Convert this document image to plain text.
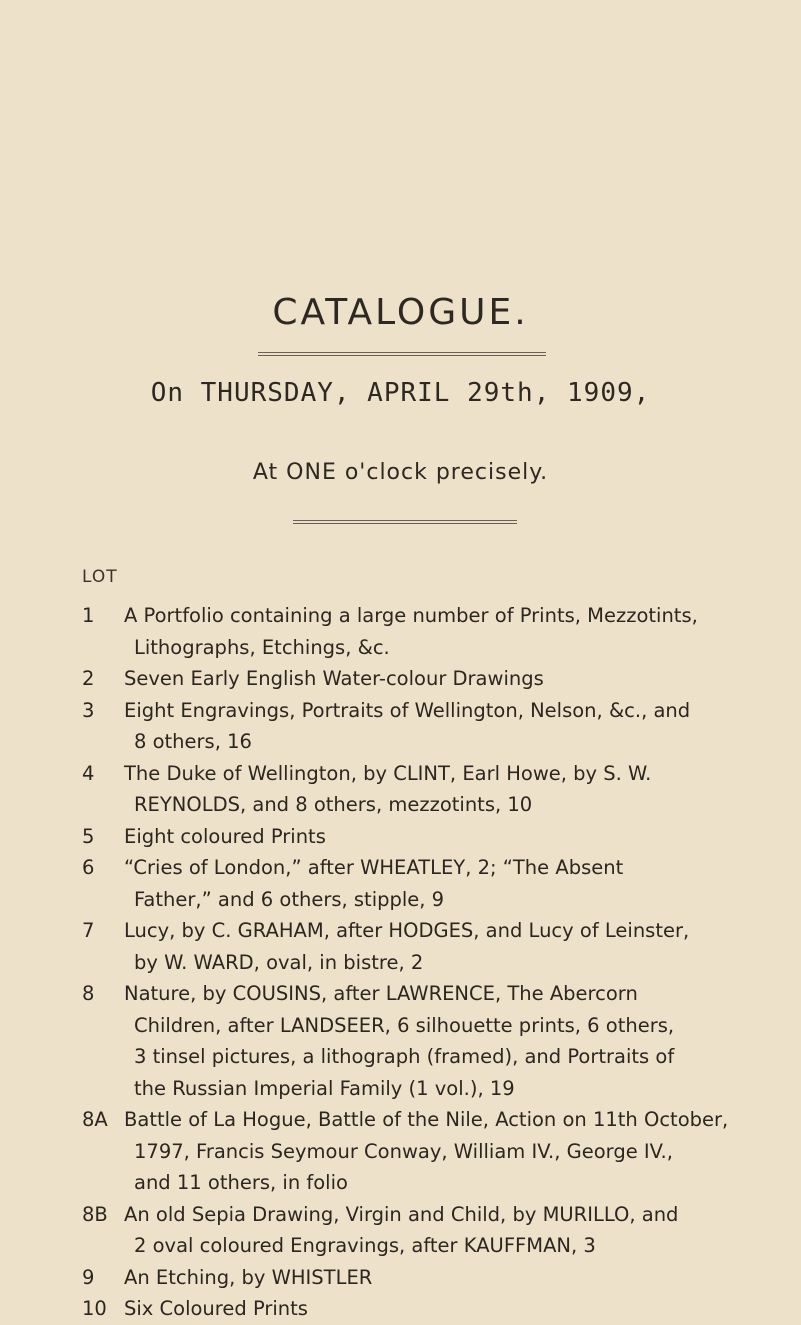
CATALOGUE.
On THURSDAY, APRIL 29th, 1909,
At ONE o'clock precisely.
LOT
1	A Portfolio containing a large number of Prints, Mezzotints,
Lithographs, Etchings, &c.
2	Seven Early English Water-colour Drawings
3	Eight Engravings, Portraits of Wellington, Nelson, &c., and
8 others, 16
4	The Duke of Wellington, by CLINT, Earl Howe, by S. W.
REYNOLDS, and 8 others, mezzotints, 10
5	Eight coloured Prints
6	“Cries of London,” after WHEATLEY, 2; “The Absent
Father,” and 6 others, stipple, 9
7	Lucy, by C. GRAHAM, after HODGES, and Lucy of Leinster,
by W. WARD, oval, in bistre, 2
8	Nature, by COUSINS, after LAWRENCE, The Abercorn
Children, after LANDSEER, 6 silhouette prints, 6 others,
3 tinsel pictures, a lithograph (framed), and Portraits of
the Russian Imperial Family (1 vol.), 19
8A Battle of La Hogue, Battle of the Nile, Action on 11th October,
1797, Francis Seymour Conway, William IV., George IV.,
and 11 others, in folio
8B An old Sepia Drawing, Virgin and Child, by MURILLO, and
2 oval coloured Engravings, after KAUFFMAN, 3
9	An Etching, by WHISTLER
10 Six Coloured Prints
